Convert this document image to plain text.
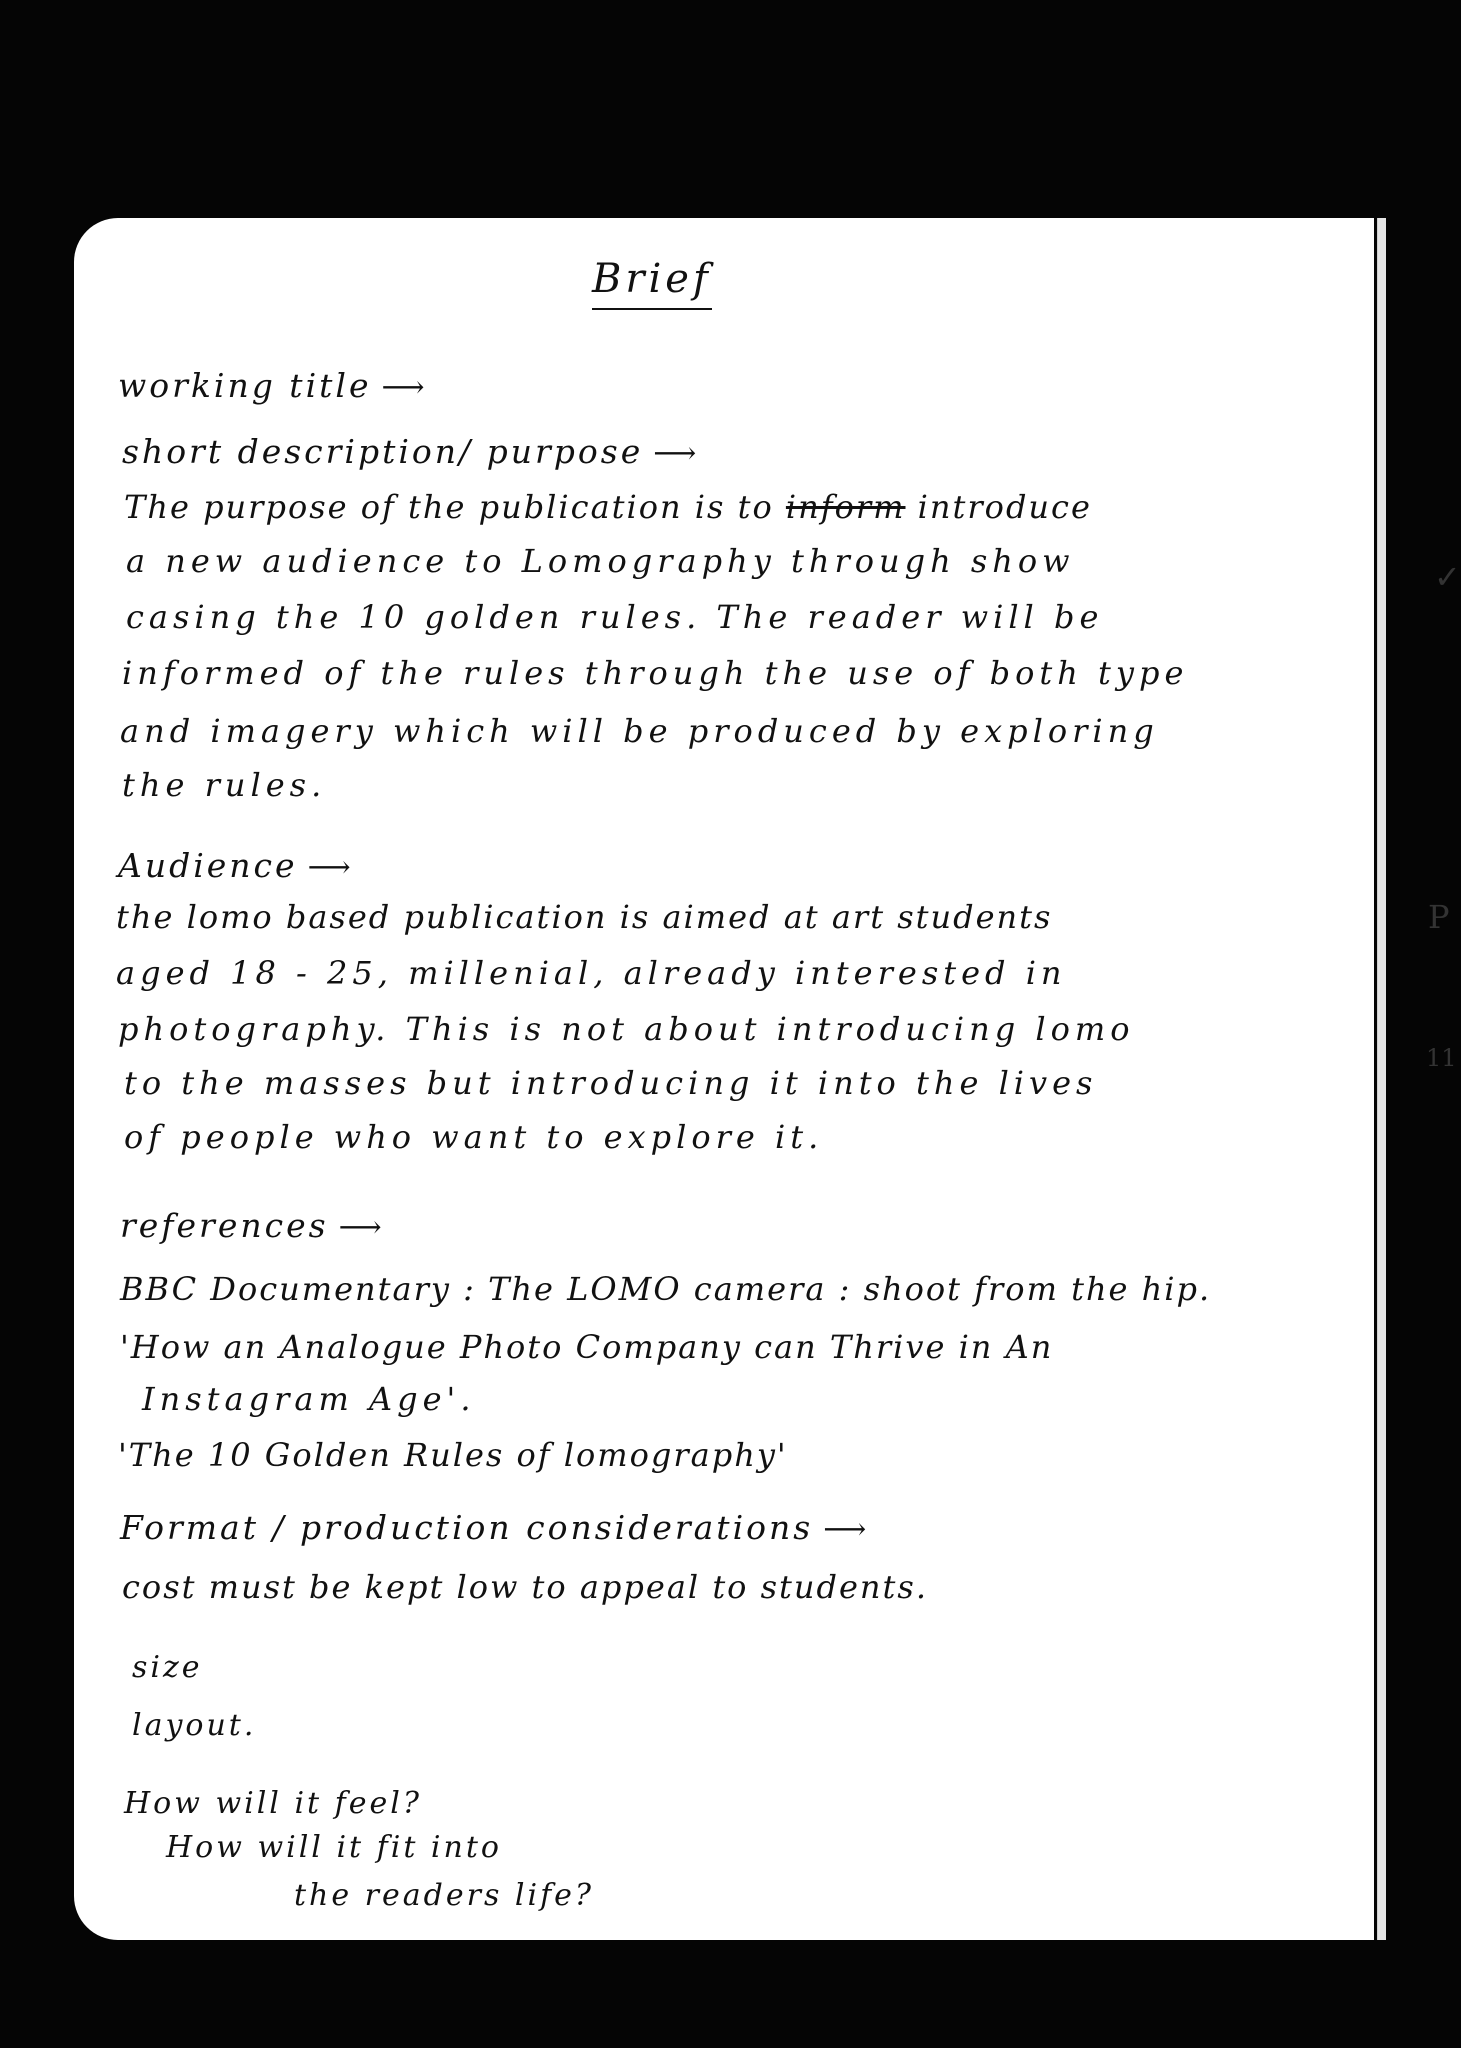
Brief
working title ⟶
short description/ purpose ⟶
The purpose of the publication is to inform introduce
a new audience to Lomography through show
casing the 10 golden rules. The reader will be
informed of the rules through the use of both type
and imagery which will be produced by exploring
the rules.
Audience ⟶
the lomo based publication is aimed at art students
aged 18 - 25, millenial, already interested in
photography. This is not about introducing lomo
to the masses but introducing it into the lives
of people who want to explore it.
references ⟶
BBC Documentary : The LOMO camera : shoot from the hip.
'How an Analogue Photo Company can Thrive in An
Instagram Age'.
'The 10 Golden Rules of lomography'
Format / production considerations ⟶
cost must be kept low to appeal to students.
size
layout.
How will it feel?
How will it fit into
the readers life?
✓
P
11
